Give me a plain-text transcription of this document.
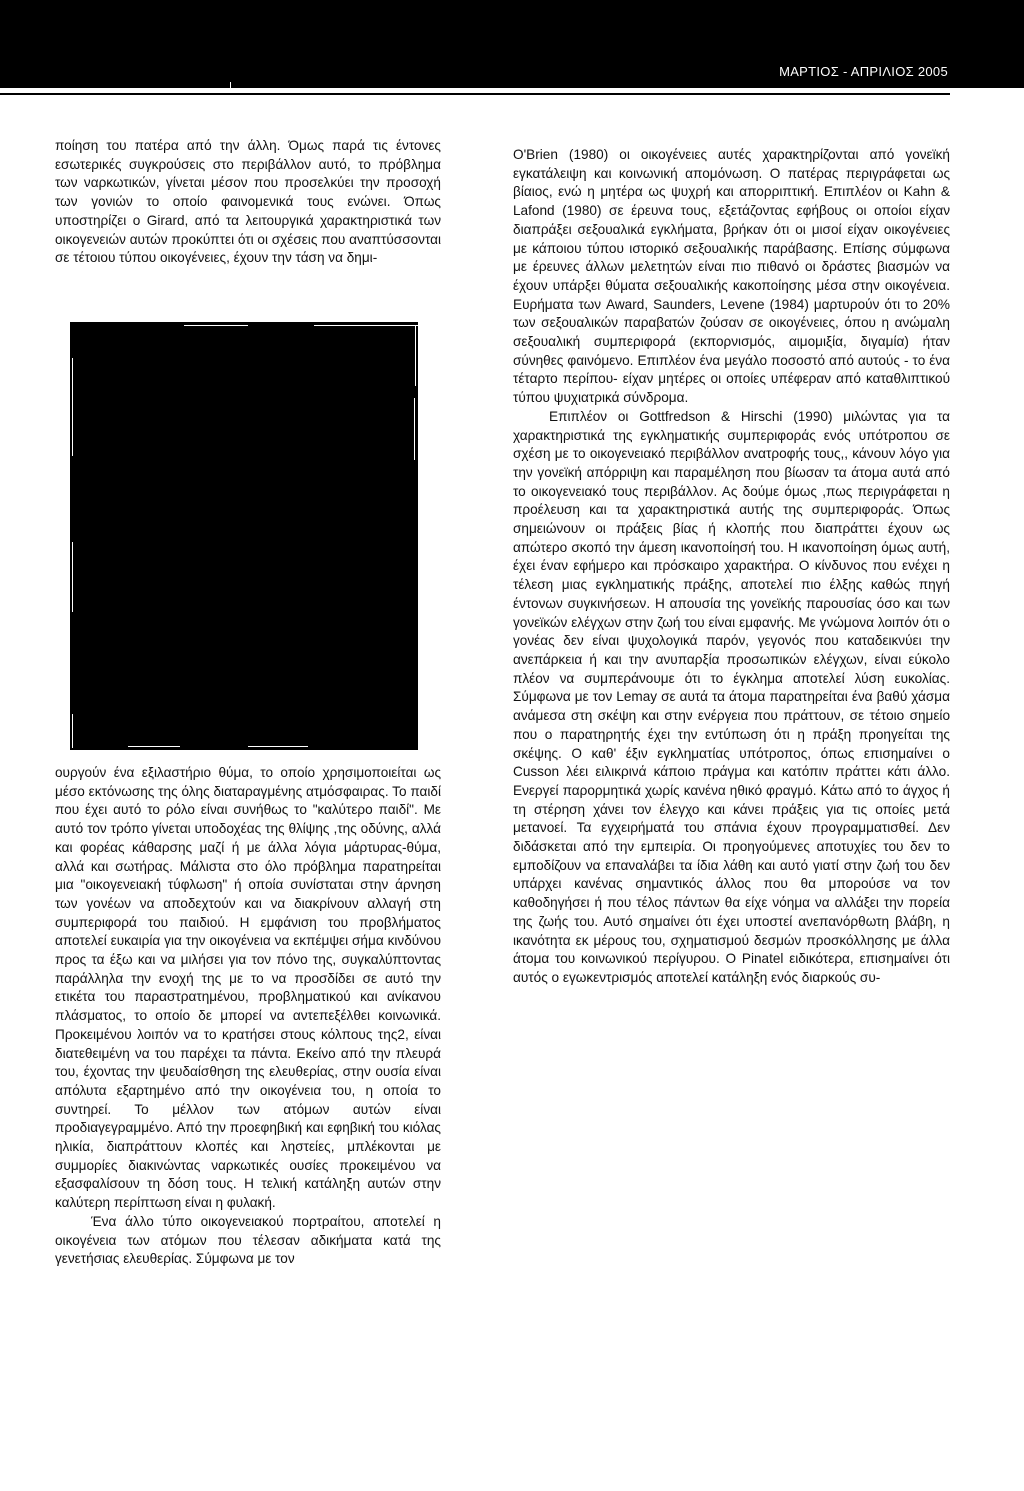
ΜΑΡΤΙΟΣ - ΑΠΡΙΛΙΟΣ 2005

ποίηση του πατέρα από την άλλη. Όμως παρά τις έντονες εσωτερικές συγκρούσεις στο περιβάλλον αυτό, το πρόβλημα των ναρκωτικών, γίνεται μέσον που προσελκύει την προσοχή των γονιών το οποίο φαινομενικά τους ενώνει. Όπως υποστηρίζει ο Girard, από τα λειτουργικά χαρακτηριστικά των οικογενειών αυτών προκύπτει ότι οι σχέσεις που αναπτύσσονται σε τέτοιου τύπου οικογένειες, έχουν την τάση να δημι-

ουργούν ένα εξιλαστήριο θύμα, το οποίο χρησιμοποιείται ως μέσο εκτόνωσης της όλης διαταραγμένης ατμόσφαιρας. Το παιδί που έχει αυτό το ρόλο είναι συνήθως το "καλύτερο παιδί". Με αυτό τον τρόπο γίνεται υποδοχέας της θλίψης ,της οδύνης, αλλά και φορέας κάθαρσης μαζί ή με άλλα λόγια μάρτυρας-θύμα, αλλά και σωτήρας. Μάλιστα στο όλο πρόβλημα παρατηρείται μια "οικογενειακή τύφλωση" ή οποία συνίσταται στην άρνηση των γονέων να αποδεχτούν και να διακρίνουν αλλαγή στη συμπεριφορά του παιδιού. Η εμφάνιση του προβλήματος αποτελεί ευκαιρία για την οικογένεια να εκπέμψει σήμα κινδύνου προς τα έξω και να μιλήσει για τον πόνο της, συγκαλύπτοντας παράλληλα την ενοχή της με το να προσδίδει σε αυτό την ετικέτα του παραστρατημένου, προβληματικού και ανίκανου πλάσματος, το οποίο δε μπορεί να αντεπεξέλθει κοινωνικά. Προκειμένου λοιπόν να το κρατήσει στους κόλπους της2, είναι διατεθειμένη να του παρέχει τα πάντα. Εκείνο από την πλευρά του, έχοντας την ψευδαίσθηση της ελευθερίας, στην ουσία είναι απόλυτα εξαρτημένο από την οικογένεια του, η οποία το συντηρεί. Το μέλλον των ατόμων αυτών είναι προδιαγεγραμμένο. Από την προεφηβική και εφηβική του κιόλας ηλικία, διαπράττουν κλοπές και ληστείες, μπλέκονται με συμμορίες διακινώντας ναρκωτικές ουσίες προκειμένου να εξασφαλίσουν τη δόση τους. Η τελική κατάληξη αυτών στην καλύτερη περίπτωση είναι η φυλακή.

Ένα άλλο τύπο οικογενειακού πορτραίτου, αποτελεί η οικογένεια των ατόμων που τέλεσαν αδικήματα κατά της γενετήσιας ελευθερίας. Σύμφωνα με τον

O'Brien (1980) οι οικογένειες αυτές χαρακτηρίζονται από γονεϊκή εγκατάλειψη και κοινωνική απομόνωση. Ο πατέρας περιγράφεται ως βίαιος, ενώ η μητέρα ως ψυχρή και απορριπτική. Επιπλέον οι Kahn & Lafond (1980) σε έρευνα τους, εξετάζοντας εφήβους οι οποίοι είχαν διαπράξει σεξουαλικά εγκλήματα, βρήκαν ότι οι μισοί είχαν οικογένειες με κάποιου τύπου ιστορικό σεξουαλικής παράβασης. Επίσης σύμφωνα με έρευνες άλλων μελετητών είναι πιο πιθανό οι δράστες βιασμών να έχουν υπάρξει θύματα σεξουαλικής κακοποίησης μέσα στην οικογένεια. Ευρήματα των Award, Saunders, Levene (1984) μαρτυρούν ότι το 20% των σεξουαλικών παραβατών ζούσαν σε οικογένειες, όπου η ανώμαλη σεξουαλική συμπεριφορά (εκπορνισμός, αιμομιξία, διγαμία) ήταν σύνηθες φαινόμενο. Επιπλέον ένα μεγάλο ποσοστό από αυτούς - το ένα τέταρτο περίπου- είχαν μητέρες οι οποίες υπέφεραν από καταθλιπτικού τύπου ψυχιατρικά σύνδρομα.

Επιπλέον οι Gottfredson & Hirschi (1990) μιλώντας για τα χαρακτηριστικά της εγκληματικής συμπεριφοράς ενός υπότροπου σε σχέση με το οικογενειακό περιβάλλον ανατροφής τους,, κάνουν λόγο για την γονεϊκή απόρριψη και παραμέληση που βίωσαν τα άτομα αυτά από το οικογενειακό τους περιβάλλον. Ας δούμε όμως ,πως περιγράφεται η προέλευση και τα χαρακτηριστικά αυτής της συμπεριφοράς. Όπως σημειώνουν οι πράξεις βίας ή κλοπής που διαπράττει έχουν ως απώτερο σκοπό την άμεση ικανοποίησή του. Η ικανοποίηση όμως αυτή, έχει έναν εφήμερο και πρόσκαιρο χαρακτήρα. Ο κίνδυνος που ενέχει η τέλεση μιας εγκληματικής πράξης, αποτελεί πιο έλξης καθώς πηγή έντονων συγκινήσεων. Η απουσία της γονεϊκής παρουσίας όσο και των γονεϊκών ελέγχων στην ζωή του είναι εμφανής. Με γνώμονα λοιπόν ότι ο γονέας δεν είναι ψυχολογικά παρόν, γεγονός που καταδεικνύει την ανεπάρκεια ή και την ανυπαρξία προσωπικών ελέγχων, είναι εύκολο πλέον να συμπεράνουμε ότι το έγκλημα αποτελεί λύση ευκολίας. Σύμφωνα με τον Lemay σε αυτά τα άτομα παρατηρείται ένα βαθύ χάσμα ανάμεσα στη σκέψη και στην ενέργεια που πράττουν, σε τέτοιο σημείο που ο παρατηρητής έχει την εντύπωση ότι η πράξη προηγείται της σκέψης. Ο καθ' έξιν εγκληματίας υπότροπος, όπως επισημαίνει ο Cusson λέει ειλικρινά κάποιο πράγμα και κατόπιν πράττει κάτι άλλο. Ενεργεί παρορμητικά χωρίς κανένα ηθικό φραγμό. Κάτω από το άγχος ή τη στέρηση χάνει τον έλεγχο και κάνει πράξεις για τις οποίες μετά μετανοεί. Τα εγχειρήματά του σπάνια έχουν προγραμματισθεί. Δεν διδάσκεται από την εμπειρία. Οι προηγούμενες αποτυχίες του δεν το εμποδίζουν να επαναλάβει τα ίδια λάθη και αυτό γιατί στην ζωή του δεν υπάρχει κανένας σημαντικός άλλος που θα μπορούσε να τον καθοδηγήσει ή που τέλος πάντων θα είχε νόημα να αλλάξει την πορεία της ζωής του. Αυτό σημαίνει ότι έχει υποστεί ανεπανόρθωτη βλάβη, η ικανότητα εκ μέρους του, σχηματισμού δεσμών προσκόλλησης με άλλα άτομα του κοινωνικού περίγυρου. Ο Pinatel ειδικότερα, επισημαίνει ότι αυτός ο εγωκεντρισμός αποτελεί κατάληξη ενός διαρκούς συ-
